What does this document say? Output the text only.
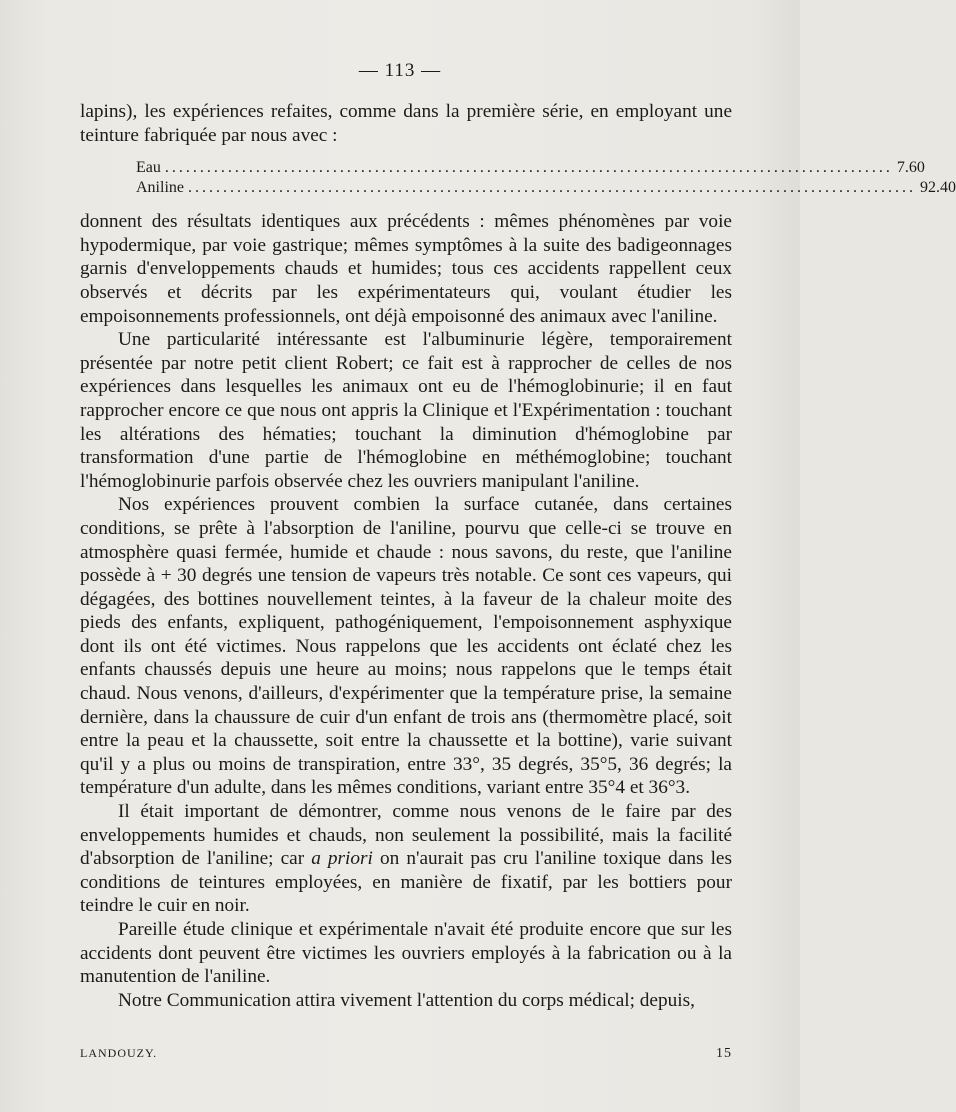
— 113 —

lapins), les expériences refaites, comme dans la première série, en employant une teinture fabriquée par nous avec :

Eau ........................................................................................................ 7.60
Aniline ........................................................................................................ 92.40

donnent des résultats identiques aux précédents : mêmes phénomènes par voie hypodermique, par voie gastrique; mêmes symptômes à la suite des badigeonnages garnis d'enveloppements chauds et humides; tous ces accidents rappellent ceux observés et décrits par les expérimentateurs qui, voulant étudier les empoisonnements professionnels, ont déjà empoisonné des animaux avec l'aniline.

Une particularité intéressante est l'albuminurie légère, temporairement présentée par notre petit client Robert; ce fait est à rapprocher de celles de nos expériences dans lesquelles les animaux ont eu de l'hémoglobinurie; il en faut rapprocher encore ce que nous ont appris la Clinique et l'Expérimentation : touchant les altérations des hématies; touchant la diminution d'hémoglobine par transformation d'une partie de l'hémoglobine en méthémoglobine; touchant l'hémoglobinurie parfois observée chez les ouvriers manipulant l'aniline.

Nos expériences prouvent combien la surface cutanée, dans certaines conditions, se prête à l'absorption de l'aniline, pourvu que celle-ci se trouve en atmosphère quasi fermée, humide et chaude : nous savons, du reste, que l'aniline possède à + 30 degrés une tension de vapeurs très notable. Ce sont ces vapeurs, qui dégagées, des bottines nouvellement teintes, à la faveur de la chaleur moite des pieds des enfants, expliquent, pathogéniquement, l'empoisonnement asphyxique dont ils ont été victimes. Nous rappelons que les accidents ont éclaté chez les enfants chaussés depuis une heure au moins; nous rappelons que le temps était chaud. Nous venons, d'ailleurs, d'expérimenter que la température prise, la semaine dernière, dans la chaussure de cuir d'un enfant de trois ans (thermomètre placé, soit entre la peau et la chaussette, soit entre la chaussette et la bottine), varie suivant qu'il y a plus ou moins de transpiration, entre 33°, 35 degrés, 35°5, 36 degrés; la température d'un adulte, dans les mêmes conditions, variant entre 35°4 et 36°3.

Il était important de démontrer, comme nous venons de le faire par des enveloppements humides et chauds, non seulement la possibilité, mais la facilité d'absorption de l'aniline; car a priori on n'aurait pas cru l'aniline toxique dans les conditions de teintures employées, en manière de fixatif, par les bottiers pour teindre le cuir en noir.

Pareille étude clinique et expérimentale n'avait été produite encore que sur les accidents dont peuvent être victimes les ouvriers employés à la fabrication ou à la manutention de l'aniline.

Notre Communication attira vivement l'attention du corps médical; depuis,

LANDOUZY.	15
